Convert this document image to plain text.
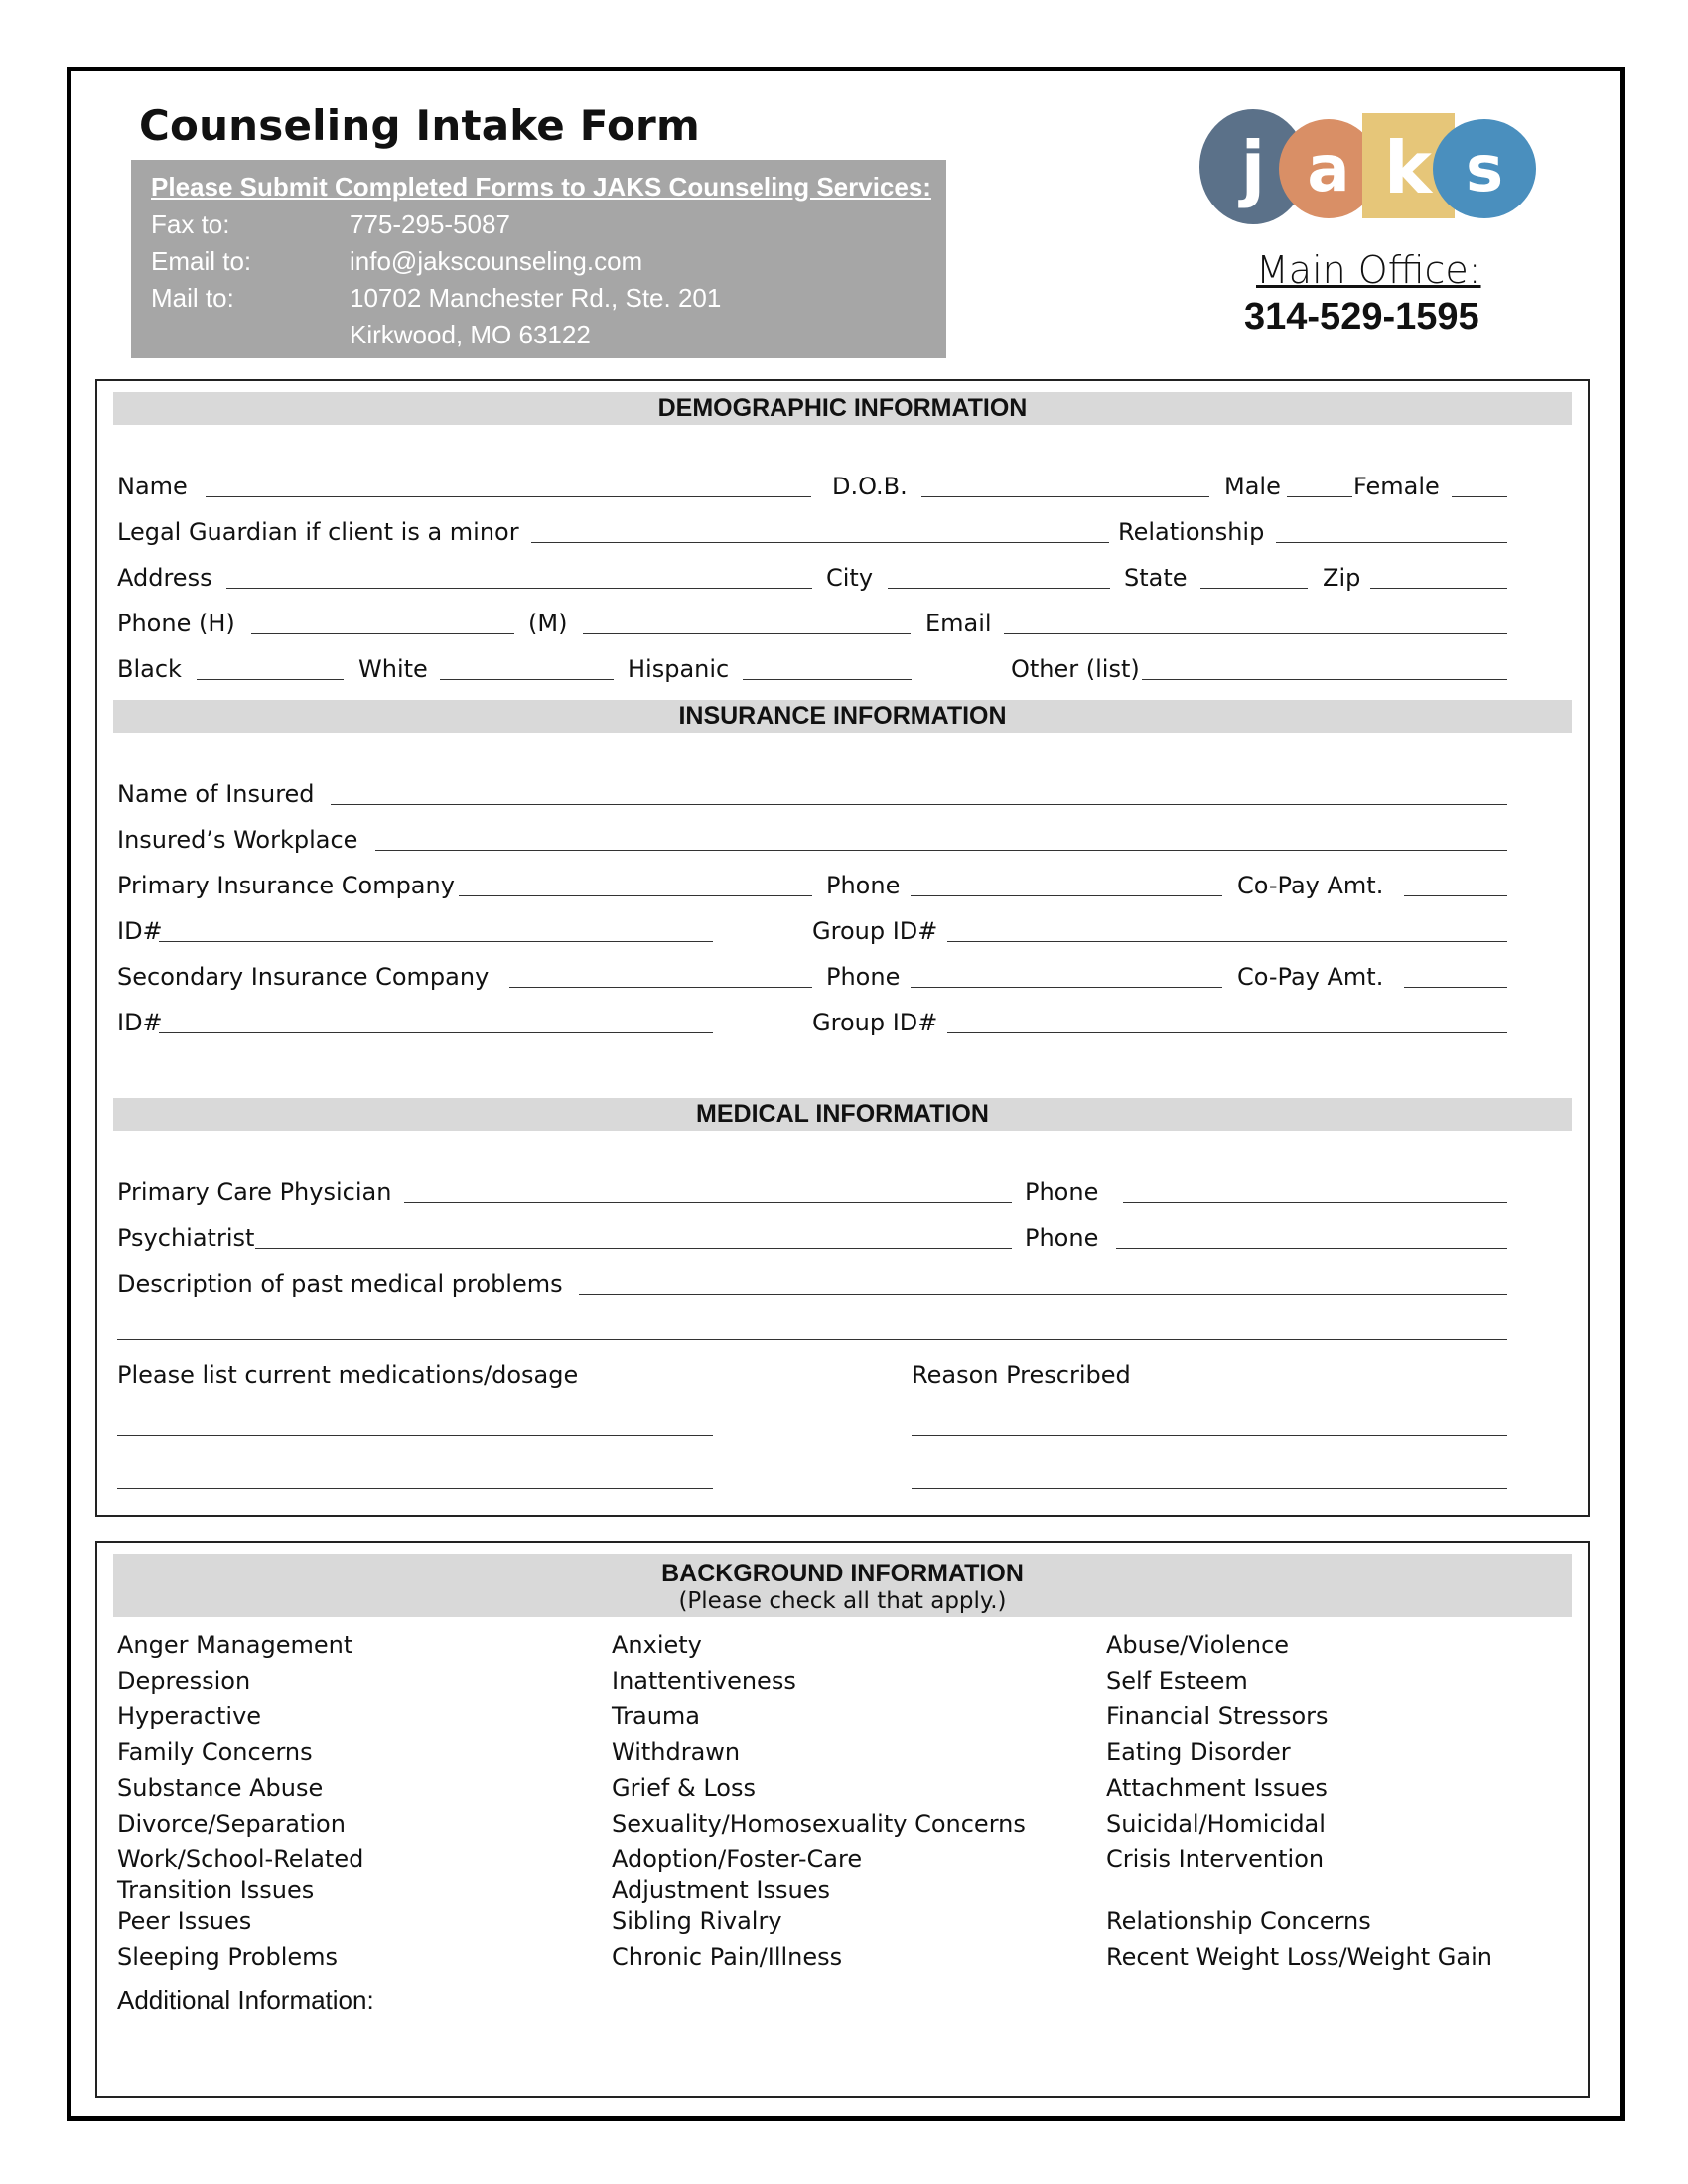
Counseling Intake Form
Please Submit Completed Forms to JAKS Counseling Services:
Fax to:	775-295-5087
Email to:	info@jakscounseling.com
Mail to:	10702 Manchester Rd., Ste. 201
Kirkwood, MO 63122
j a k s
Main Office:
314-529-1595
DEMOGRAPHIC INFORMATION
Name	D.O.B.	Male	Female
Legal Guardian if client is a minor	Relationship
Address	City	State	Zip
Phone (H)	(M)	Email
Black	White	Hispanic	Other (list)
INSURANCE INFORMATION
Name of Insured
Insured’s Workplace
Primary Insurance Company	Phone	Co-Pay Amt.
ID#	Group ID#
Secondary Insurance Company	Phone	Co-Pay Amt.
ID#	Group ID#
MEDICAL INFORMATION
Primary Care Physician	Phone
Psychiatrist	Phone
Description of past medical problems
Please list current medications/dosage	Reason Prescribed
BACKGROUND INFORMATION
(Please check all that apply.)
Anger Management
Depression
Hyperactive
Family Concerns
Substance Abuse
Divorce/Separation
Work/School-Related
Transition Issues
Peer Issues
Sleeping Problems
Anxiety
Inattentiveness
Trauma
Withdrawn
Grief & Loss
Sexuality/Homosexuality Concerns
Adoption/Foster-Care
Adjustment Issues
Sibling Rivalry
Chronic Pain/Illness
Abuse/Violence
Self Esteem
Financial Stressors
Eating Disorder
Attachment Issues
Suicidal/Homicidal
Crisis Intervention
Relationship Concerns
Recent Weight Loss/Weight Gain
Additional Information:
